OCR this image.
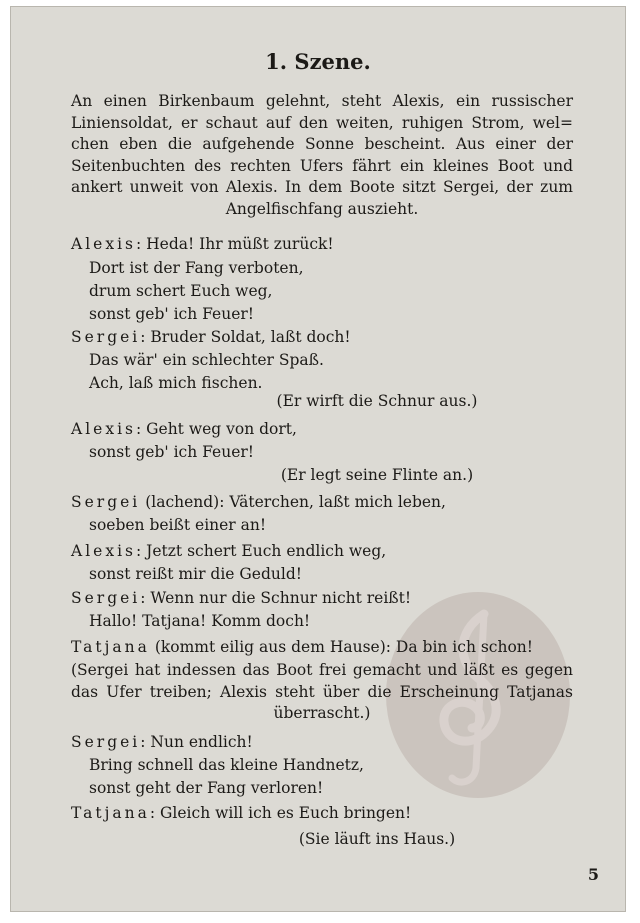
1. Szene.
An einen Birkenbaum gelehnt, steht Alexis, ein russischer
Liniensoldat, er schaut auf den weiten, ruhigen Strom, wel=
chen eben die aufgehende Sonne bescheint. Aus einer der
Seitenbuchten des rechten Ufers fährt ein kleines Boot und
ankert unweit von Alexis. In dem Boote sitzt Sergei, der zum
Angelfischfang auszieht.
Alexis: Heda! Ihr müßt zurück!
Dort ist der Fang verboten,
drum schert Euch weg,
sonst geb' ich Feuer!
Sergei: Bruder Soldat, laßt doch!
Das wär' ein schlechter Spaß.
Ach, laß mich fischen.
(Er wirft die Schnur aus.)
Alexis: Geht weg von dort,
sonst geb' ich Feuer!
(Er legt seine Flinte an.)
Sergei (lachend): Väterchen, laßt mich leben,
soeben beißt einer an!
Alexis: Jetzt schert Euch endlich weg,
sonst reißt mir die Geduld!
Sergei: Wenn nur die Schnur nicht reißt!
Hallo! Tatjana! Komm doch!
Tatjana (kommt eilig aus dem Hause): Da bin ich schon!
(Sergei hat indessen das Boot frei gemacht und läßt es gegen
das Ufer treiben; Alexis steht über die Erscheinung Tatjanas
überrascht.)
Sergei: Nun endlich!
Bring schnell das kleine Handnetz,
sonst geht der Fang verloren!
Tatjana: Gleich will ich es Euch bringen!
(Sie läuft ins Haus.)
5
